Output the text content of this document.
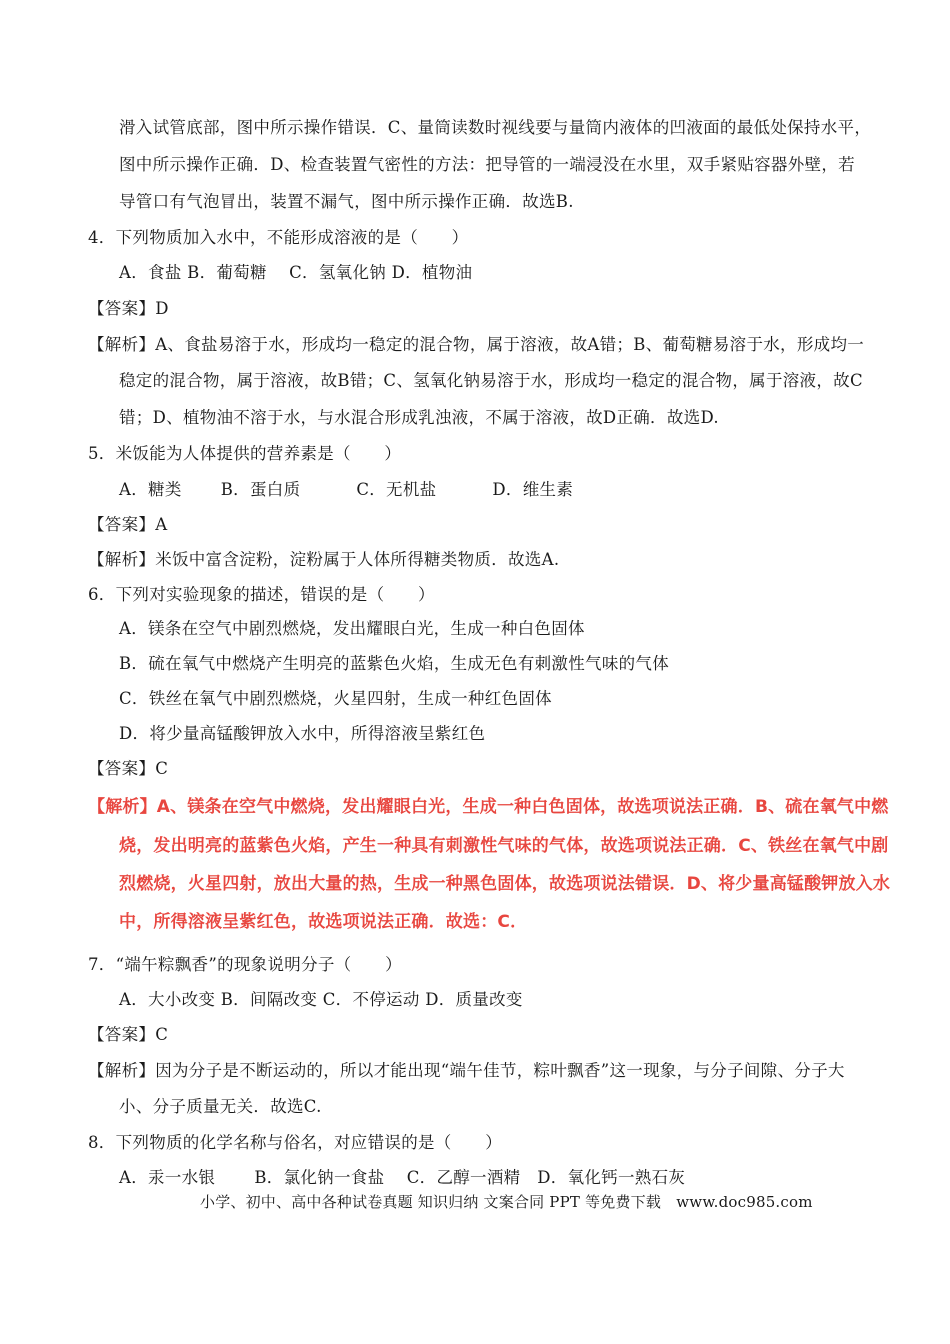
滑入试管底部，图中所示操作错误．C、量筒读数时视线要与量筒内液体的凹液面的最低处保持水平，
图中所示操作正确．D、检查装置气密性的方法：把导管的一端浸没在水里，双手紧贴容器外壁，若
导管口有气泡冒出，装置不漏气，图中所示操作正确．故选B.
4．下列物质加入水中，不能形成溶液的是（　　）
A．食盐 B．葡萄糖　 C．氢氧化钠 D．植物油
【答案】D
【解析】A、食盐易溶于水，形成均一稳定的混合物，属于溶液，故A错；B、葡萄糖易溶于水，形成均一
稳定的混合物，属于溶液，故B错；C、氢氧化钠易溶于水，形成均一稳定的混合物，属于溶液，故C
错；D、植物油不溶于水，与水混合形成乳浊液，不属于溶液，故D正确．故选D.
5．米饭能为人体提供的营养素是（　　）
A．糖类　　 B．蛋白质　　　 C．无机盐　　　 D．维生素
【答案】A
【解析】米饭中富含淀粉，淀粉属于人体所得糖类物质．故选A.
6．下列对实验现象的描述，错误的是（　　）
A．镁条在空气中剧烈燃烧，发出耀眼白光，生成一种白色固体
B．硫在氧气中燃烧产生明亮的蓝紫色火焰，生成无色有刺激性气味的气体
C．铁丝在氧气中剧烈燃烧，火星四射，生成一种红色固体
D．将少量高锰酸钾放入水中，所得溶液呈紫红色
【答案】C
【解析】A、镁条在空气中燃烧，发出耀眼白光，生成一种白色固体，故选项说法正确．B、硫在氧气中燃
烧，发出明亮的蓝紫色火焰，产生一种具有刺激性气味的气体，故选项说法正确．C、铁丝在氧气中剧
烈燃烧，火星四射，放出大量的热，生成一种黑色固体，故选项说法错误．D、将少量高锰酸钾放入水
中，所得溶液呈紫红色，故选项说法正确．故选：C．
7．“端午粽飘香”的现象说明分子（　　）
A．大小改变 B．间隔改变 C．不停运动 D．质量改变
【答案】C
【解析】因为分子是不断运动的，所以才能出现“端午佳节，粽叶飘香”这一现象，与分子间隙、分子大
小、分子质量无关．故选C.
8．下列物质的化学名称与俗名，对应错误的是（　　）
A．汞一水银　　 B．氯化钠一食盐　 C．乙醇一酒精　D．氧化钙一熟石灰
小学、初中、高中各种试卷真题 知识归纳 文案合同 PPT 等免费下载　www.doc985.com
